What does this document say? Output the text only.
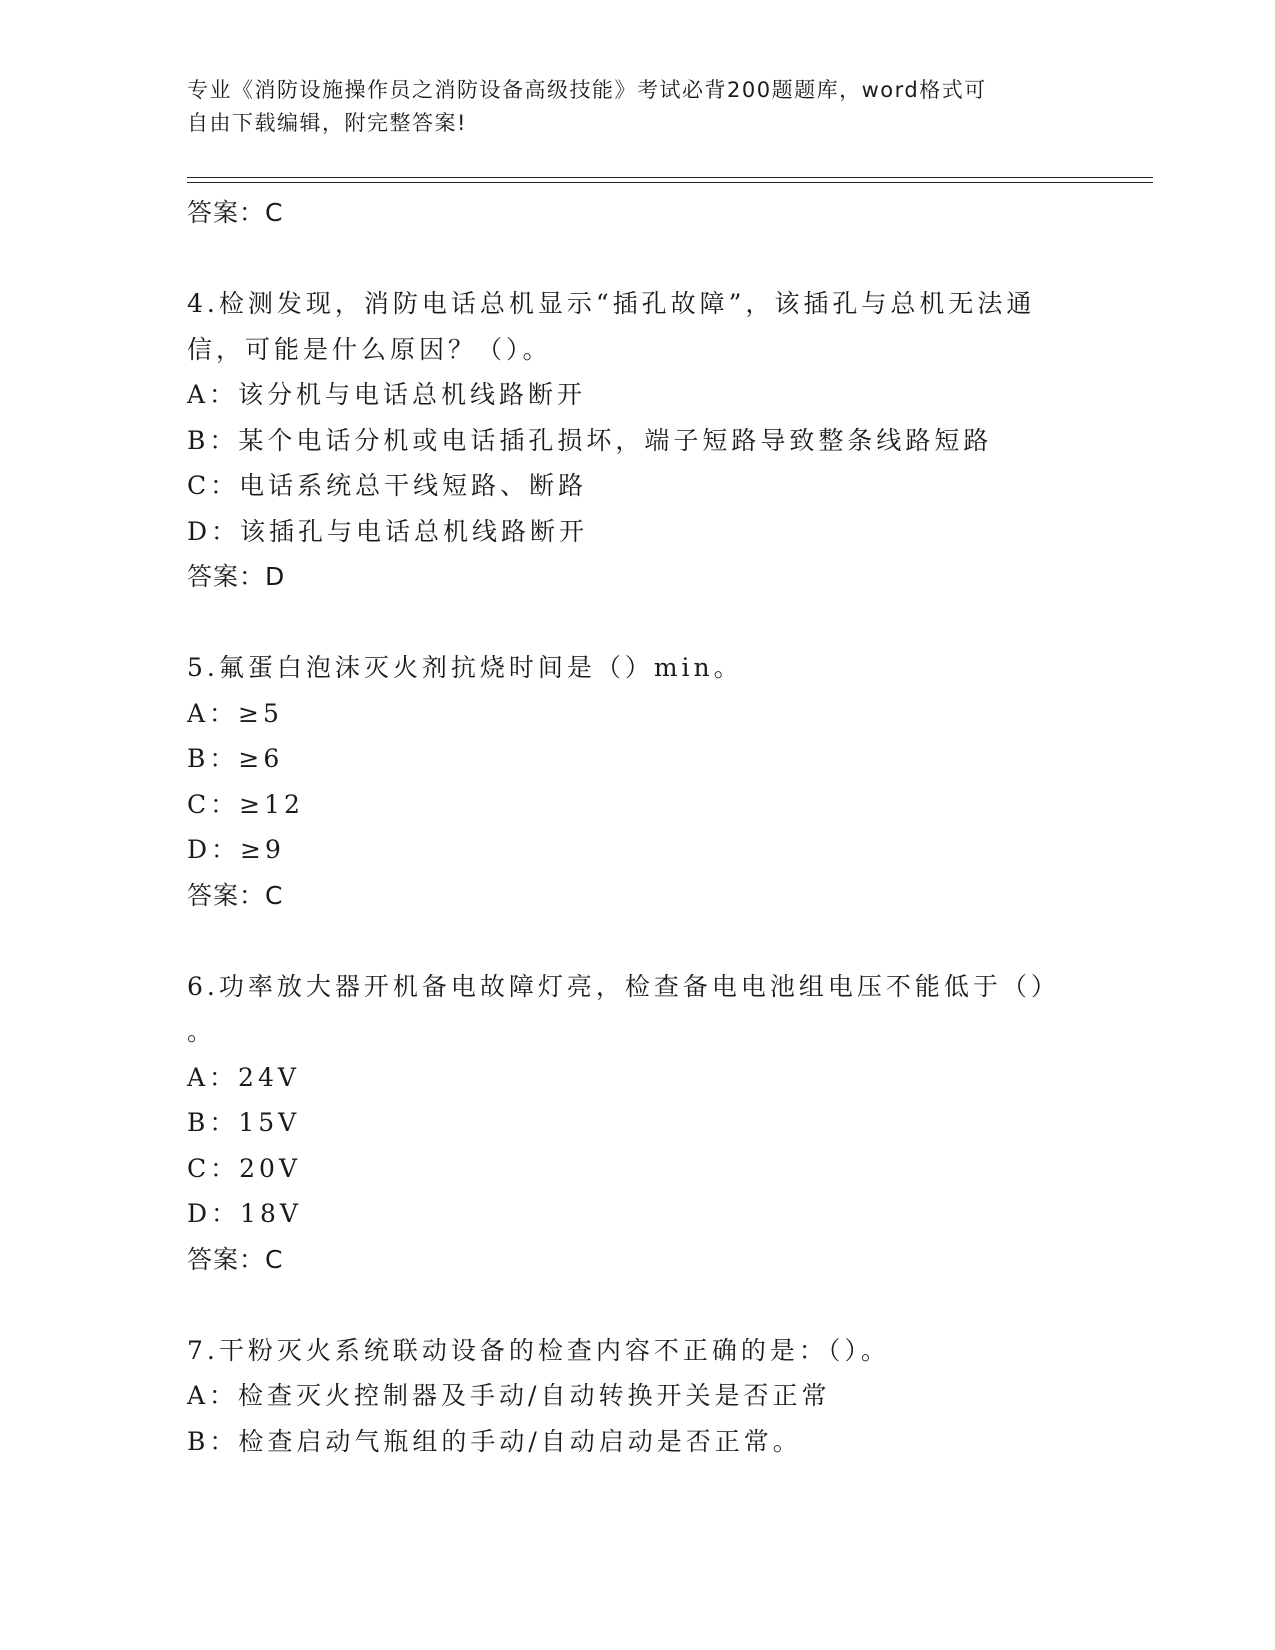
专业《消防设施操作员之消防设备高级技能》考试必背200题题库，word格式可
自由下载编辑，附完整答案!
答案：C
4.检测发现，消防电话总机显示“插孔故障”，该插孔与总机无法通
信，可能是什么原因？（）。
A：该分机与电话总机线路断开
B：某个电话分机或电话插孔损坏，端子短路导致整条线路短路
C：电话系统总干线短路、断路
D：该插孔与电话总机线路断开
答案：D
5.氟蛋白泡沫灭火剂抗烧时间是（）min。
A：≥5
B：≥6
C：≥12
D：≥9
答案：C
6.功率放大器开机备电故障灯亮，检查备电电池组电压不能低于（）
。
A：24V
B：15V
C：20V
D：18V
答案：C
7.干粉灭火系统联动设备的检查内容不正确的是：（）。
A：检查灭火控制器及手动/自动转换开关是否正常
B：检查启动气瓶组的手动/自动启动是否正常。
